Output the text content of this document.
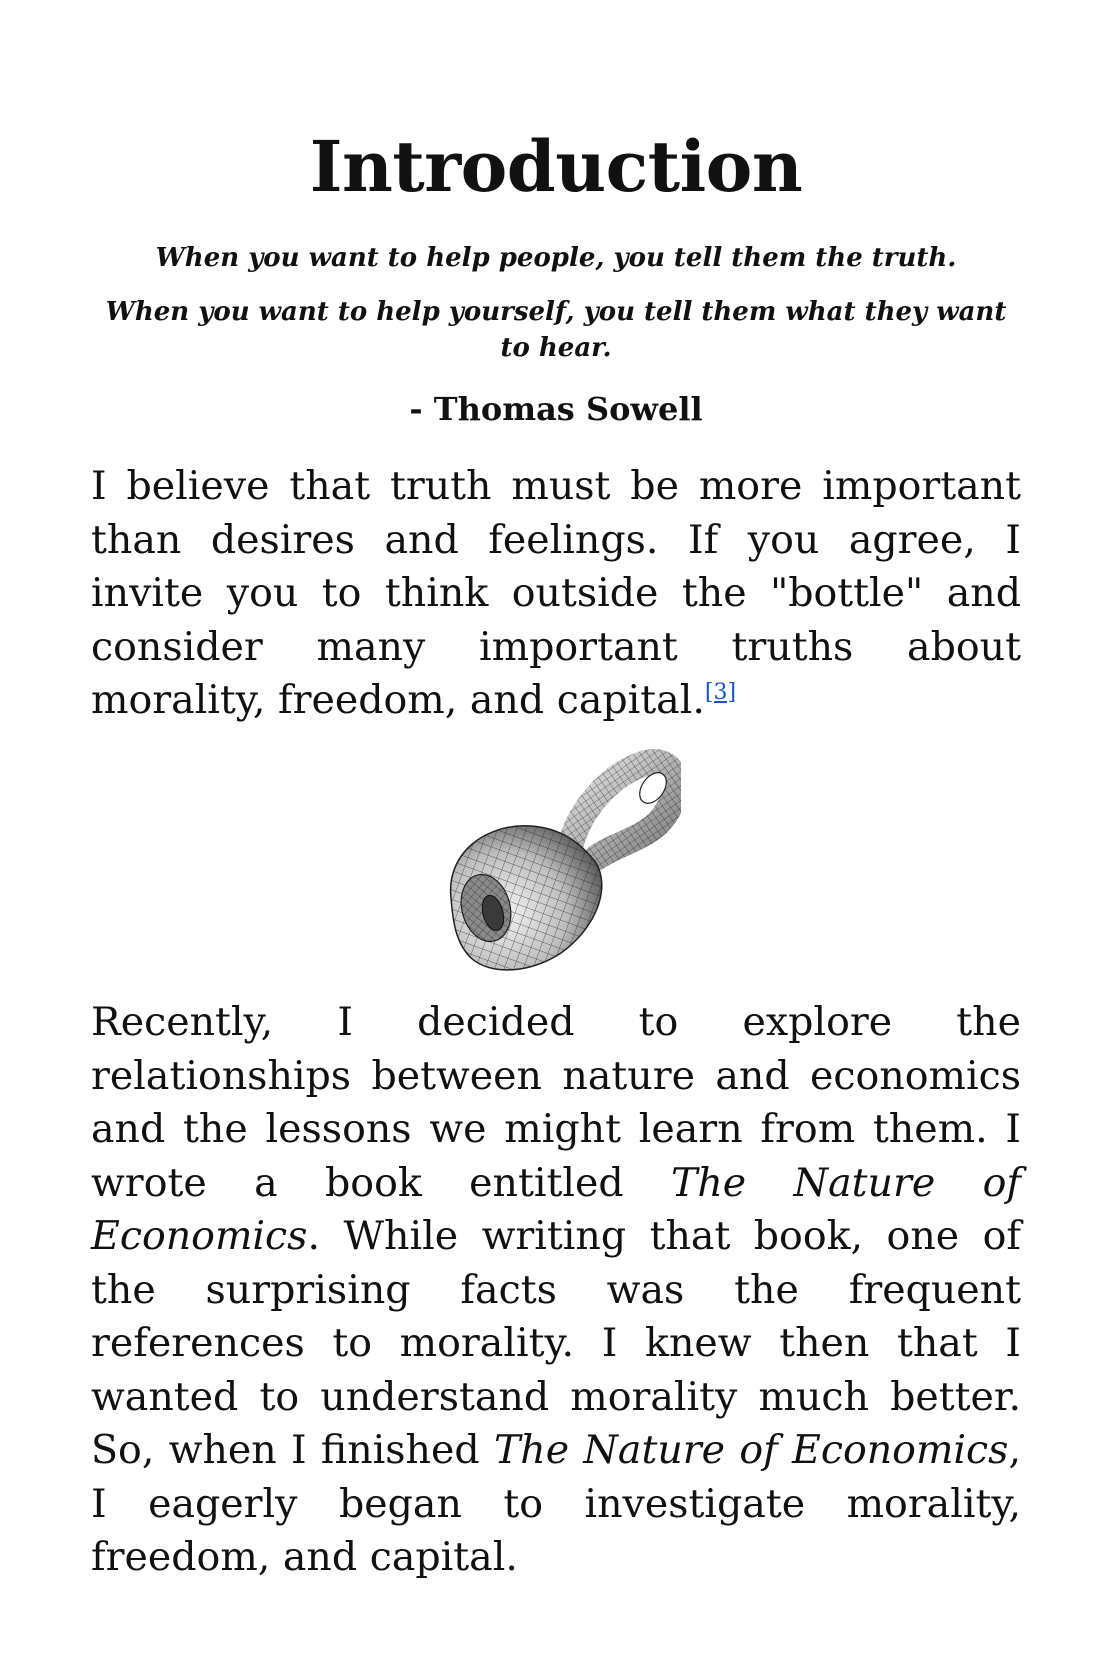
Introduction

When you want to help people, you tell them the truth.

When you want to help yourself, you tell them what they want to hear.

- Thomas Sowell

I believe that truth must be more important than desires and feelings. If you agree, I invite you to think outside the "bottle" and consider many important truths about morality, freedom, and capital.[3]

Recently, I decided to explore the relationships between nature and economics and the lessons we might learn from them. I wrote a book entitled The Nature of Economics. While writing that book, one of the surprising facts was the frequent references to morality. I knew then that I wanted to understand morality much better. So, when I finished The Nature of Economics, I eagerly began to investigate morality, freedom, and capital.
